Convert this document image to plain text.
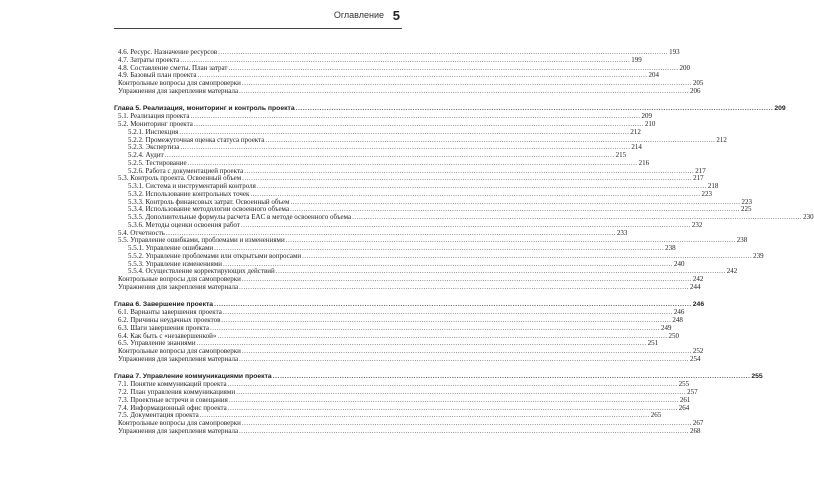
Оглавление 5
4.6. Ресурс. Назначение ресурсов .....	193
4.7. Затраты проекта .....	199
4.8. Составление сметы. План затрат .....	200
4.9. Базовый план проекта .....	204
Контрольные вопросы для самопроверки .....	205
Упражнения для закрепления материала .....	206
Глава 5. Реализация, мониторинг и контроль проекта .....	209
5.1. Реализация проекта .....	209
5.2. Мониторинг проекта .....	210
5.2.1. Инспекция .....	212
5.2.2. Промежуточная оценка статуса проекта .....	212
5.2.3. Экспертиза .....	214
5.2.4. Аудит .....	215
5.2.5. Тестирование .....	216
5.2.6. Работа с документацией проекта .....	217
5.3. Контроль проекта. Освоенный объем .....	217
5.3.1. Система и инструментарий контроля .....	218
5.3.2. Использование контрольных точек .....	223
5.3.3. Контроль финансовых затрат. Освоенный объем .....	223
5.3.4. Использование методологии освоенного объема .....	225
5.3.5. Дополнительные формулы расчета EAC в методе освоенного объема .....	230
5.3.6. Методы оценки освоения работ .....	232
5.4. Отчетность .....	233
5.5. Управление ошибками, проблемами и изменениями .....	238
5.5.1. Управление ошибками .....	238
5.5.2. Управление проблемами или открытыми вопросами .....	239
5.5.3. Управление изменениями .....	240
5.5.4. Осуществление корректирующих действий .....	242
Контрольные вопросы для самопроверки .....	242
Упражнения для закрепления материала .....	244
Глава 6. Завершение проекта .....	246
6.1. Варианты завершения проекта .....	246
6.2. Причины неудачных проектов .....	248
6.3. Шаги завершения проекта .....	249
6.4. Как быть с «незавершенкой» .....	250
6.5. Управление знаниями .....	251
Контрольные вопросы для самопроверки .....	252
Упражнения для закрепления материала .....	254
Глава 7. Управление коммуникациями проекта .....	255
7.1. Понятие коммуникаций проекта .....	255
7.2. План управления коммуникациями .....	257
7.3. Проектные встречи и совещания .....	261
7.4. Информационный офис проекта .....	264
7.5. Документация проекта .....	265
Контрольные вопросы для самопроверки .....	267
Упражнения для закрепления материала .....	268
